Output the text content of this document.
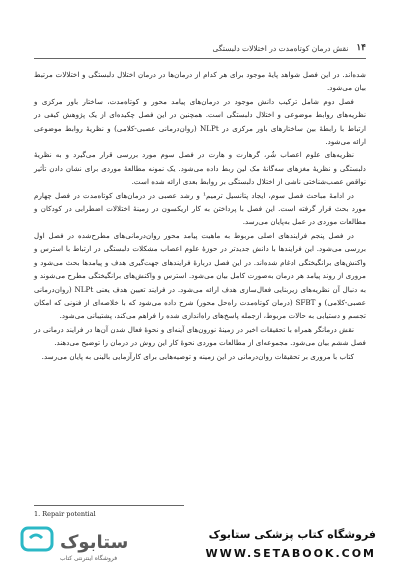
۱۴
نقش درمان کوتاه‌مدت در اختلالات دلبستگی

شده‌اند. در این فصل شواهد پایهٔ موجود برای هر کدام از درمان‌ها در درمان اختلال دلبستگی و اختلالات مرتبط بیان می‌شود.

فصل دوم شامل ترکیب دانش موجود در درمان‌های پیامد محور و کوتاه‌مدت، ساختار باور مرکزی و نظریه‌های روابط موضوعی و اختلال دلبستگی است. همچنین در این فصل چکیده‌ای از یک پژوهش کیفی در ارتباط با رابطهٔ بین ساختارهای باور مرکزی در NLPt (روان‌درمانی عصبی-کلامی) و نظریهٔ روابط موضوعی ارائه می‌شود.

نظریه‌های علوم اعصاب شُر، گرهارت و هارت در فصل سوم مورد بررسی قرار می‌گیرد و به نظریهٔ دلبستگی و نظریهٔ مغزهای سه‌گانهٔ مک لین ربط داده می‌شود. یک نمونه مطالعهٔ موردی برای نشان دادن تأثیر نواقص عصب‌شناختی ناشی از اختلال دلبستگی بر روابط بعدی ارائه شده است.

در ادامهٔ مباحث فصل سوم، ایجاد پتانسیل ترمیم¹ و رشد عصبی در درمان‌های کوتاه‌مدت در فصل چهارم مورد بحث قرار گرفته است. این فصل با پرداختن به کار اریکسون در زمینهٔ اختلالات اضطرابی در کودکان و مطالعات موردی در عمل به‌پایان می‌رسد.

در فصل پنجم فرایندهای اصلی مربوط به ماهیت پیامد محور روان‌درمانی‌های مطرح‌شده در فصل اول بررسی می‌شود. این فرایندها با دانش جدیدتر در حوزهٔ علوم اعصاب مشکلات دلبستگی در ارتباط با استرس و واکنش‌های برانگیختگی ادغام شده‌اند. در این فصل دربارهٔ فرایندهای جهت‌گیری هدف و پیامدها بحث می‌شود و مروری از روند پیامد هر درمان به‌صورت کامل بیان می‌شود. استرس و واکنش‌های برانگیختگی مطرح می‌شوند و به دنبال آن نظریه‌های زیربنایی فعال‌سازی هدف ارائه می‌شود. در فرایند تعیین هدف یعنی NLPt (روان‌درمانی عصبی-کلامی) و SFBT (درمان کوتاه‌مدت راه‌حل محور) شرح داده می‌شود که با خلاصه‌ای از فنونی که امکان تجسم و دستیابی به حالات مربوط، ازجمله پاسخ‌های راه‌اندازی شده را فراهم می‌کند، پشتیبانی می‌شود.

نقش درمانگر همراه با تحقیقات اخیر در زمینهٔ نورون‌های آینه‌ای و نحوهٔ فعال شدن آن‌ها در فرایند درمانی در فصل ششم بیان می‌شود. مجموعه‌ای از مطالعات موردی نحوهٔ کار این روش در درمان را توضیح می‌دهند.

کتاب با مروری بر تحقیقات روان‌درمانی در این زمینه و توصیه‌هایی برای کارآزمایی بالینی به پایان می‌رسد.

1. Repair potential
ستابوک
فروشگاه اینترنتی کتاب
فروشگاه کتاب پزشکی ستابوک
WWW.SETABOOK.COM
